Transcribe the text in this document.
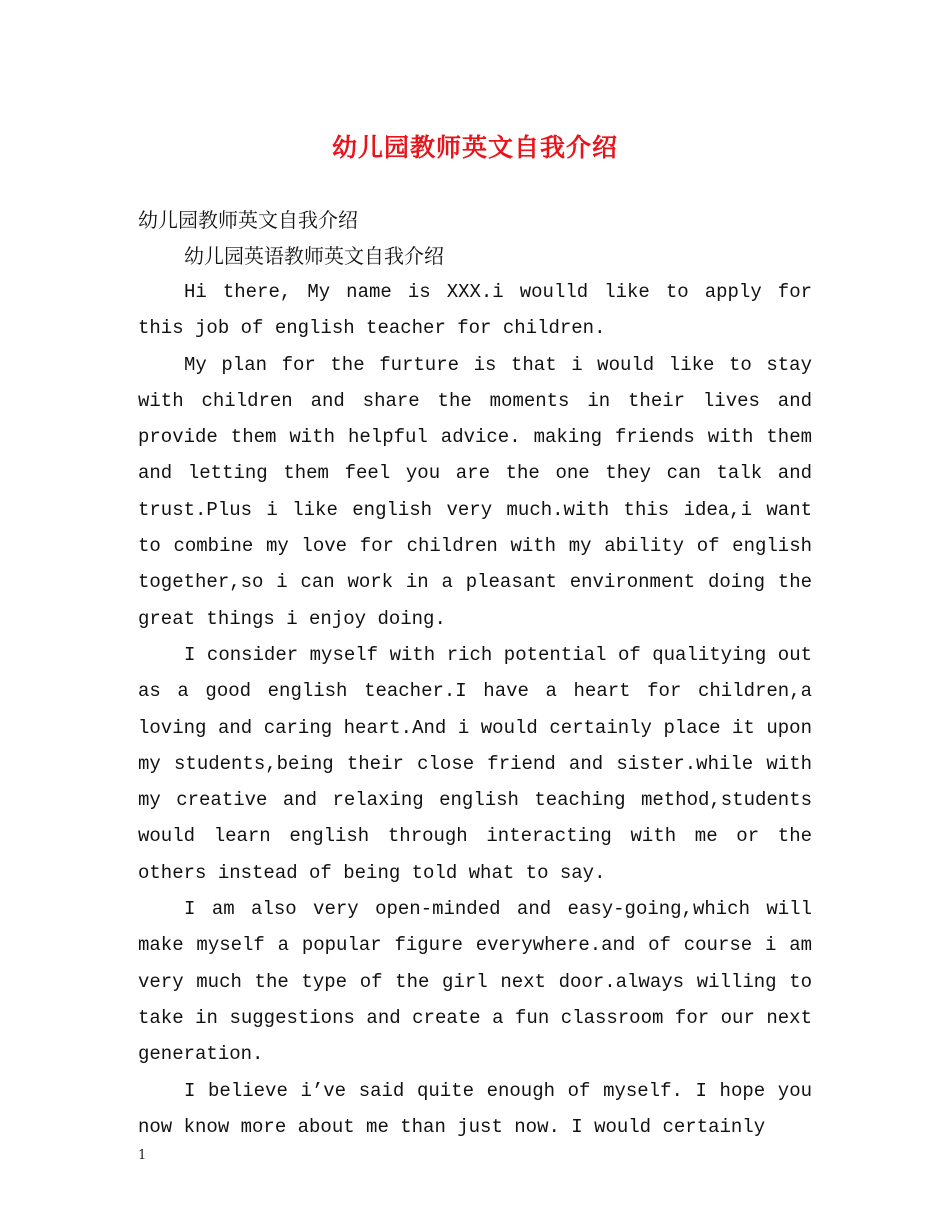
幼儿园教师英文自我介绍
幼儿园教师英文自我介绍
幼儿园英语教师英文自我介绍

Hi there, My name is XXX.i woulld like to apply for this job of english teacher for children.

My plan for the furture is that i would like to stay with children and share the moments in their lives and provide them with helpful advice. making friends with them and letting them feel you are the one they can talk and trust.Plus i like english very much.with this idea,i want to combine my love for children with my ability of english together,so i can work in a pleasant environment doing the great things i enjoy doing.

I consider myself with rich potential of qualitying out as a good english teacher.I have a heart for children,a loving and caring heart.And i would certainly place it upon my students,being their close friend and sister.while with my creative and relaxing english teaching method,students would learn english through interacting with me or the others instead of being told what to say.

I am also very open-minded and easy-going,which will make myself a popular figure everywhere.and of course i am very much the type of the girl next door.always willing to take in suggestions and create a fun classroom for our next generation.

I believe i’ve said quite enough of myself. I hope you now know more about me than just now. I would certainly

1
